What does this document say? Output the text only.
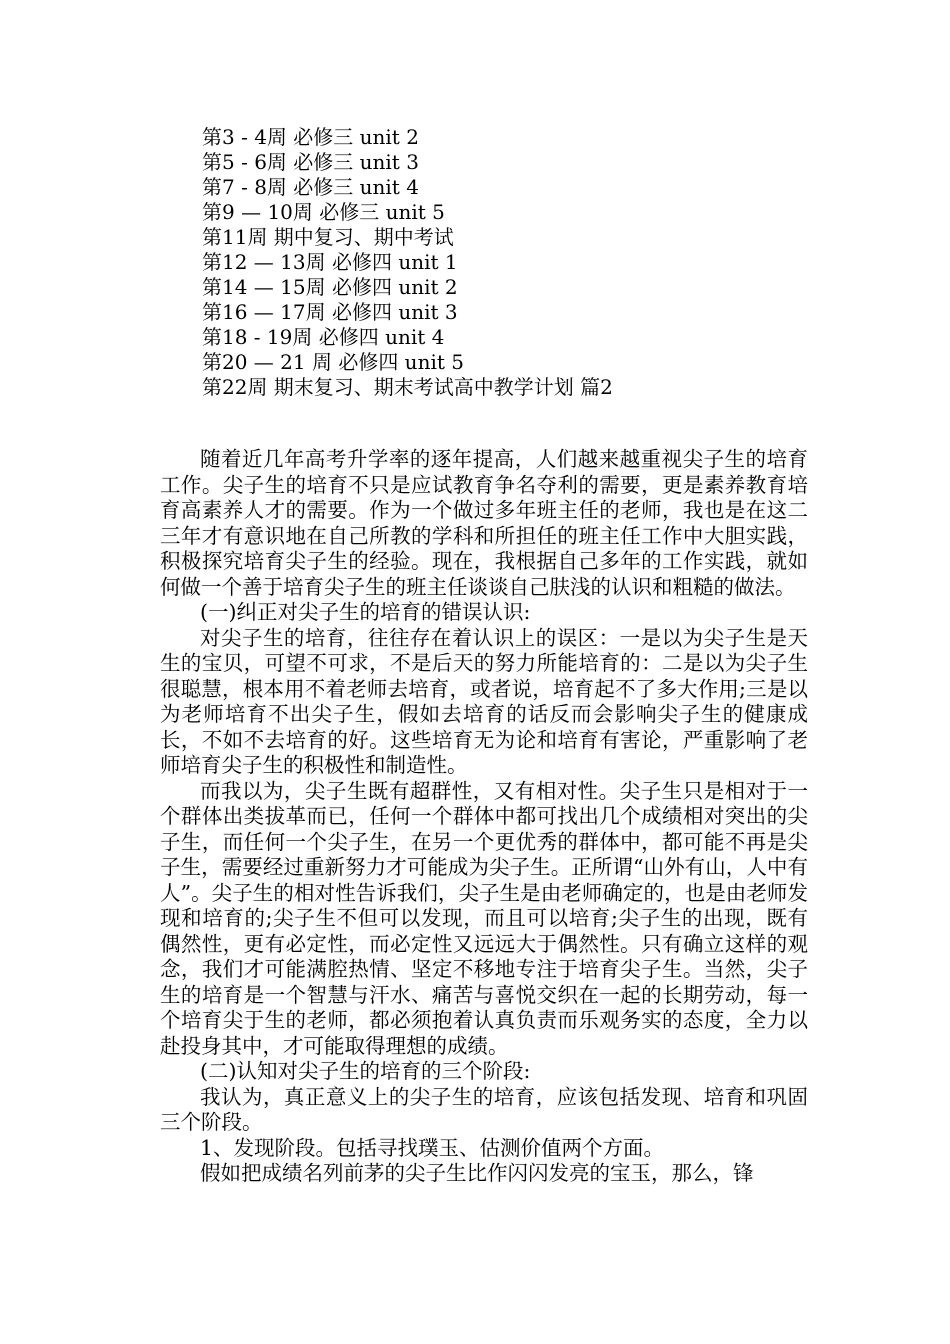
第3 - 4周 必修三 unit 2
第5 - 6周 必修三 unit 3
第7 - 8周 必修三 unit 4
第9 — 10周 必修三 unit 5
第11周 期中复习、期中考试
第12 — 13周 必修四 unit 1
第14 — 15周 必修四 unit 2
第16 — 17周 必修四 unit 3
第18 - 19周 必修四 unit 4
第20 — 21 周 必修四 unit 5
第22周 期末复习、期末考试高中教学计划 篇2

随着近几年高考升学率的逐年提高，人们越来越重视尖子生的培育工作。尖子生的培育不只是应试教育争名夺利的需要，更是素养教育培育高素养人才的需要。作为一个做过多年班主任的老师，我也是在这二三年才有意识地在自己所教的学科和所担任的班主任工作中大胆实践，积极探究培育尖子生的经验。现在，我根据自己多年的工作实践，就如何做一个善于培育尖子生的班主任谈谈自己肤浅的认识和粗糙的做法。

(一)纠正对尖子生的培育的错误认识:

对尖子生的培育，往往存在着认识上的误区：一是以为尖子生是天生的宝贝，可望不可求，不是后天的努力所能培育的：二是以为尖子生很聪慧，根本用不着老师去培育，或者说，培育起不了多大作用;三是以为老师培育不出尖子生，假如去培育的话反而会影响尖子生的健康成长，不如不去培育的好。这些培育无为论和培育有害论，严重影响了老师培育尖子生的积极性和制造性。

而我以为，尖子生既有超群性，又有相对性。尖子生只是相对于一个群体出类拔革而已，任何一个群体中都可找出几个成绩相对突出的尖子生，而任何一个尖子生，在另一个更优秀的群体中，都可能不再是尖子生，需要经过重新努力才可能成为尖子生。正所谓“山外有山，人中有人”。尖子生的相对性告诉我们，尖子生是由老师确定的，也是由老师发现和培育的;尖子生不但可以发现，而且可以培育;尖子生的出现，既有偶然性，更有必定性，而必定性又远远大于偶然性。只有确立这样的观念，我们才可能满腔热情、坚定不移地专注于培育尖子生。当然，尖子生的培育是一个智慧与汗水、痛苦与喜悦交织在一起的长期劳动，每一个培育尖于生的老师，都必须抱着认真负责而乐观务实的态度，全力以赴投身其中，才可能取得理想的成绩。

(二)认知对尖子生的培育的三个阶段:

我认为，真正意义上的尖子生的培育，应该包括发现、培育和巩固三个阶段。

1、发现阶段。包括寻找璞玉、估测价值两个方面。

假如把成绩名列前茅的尖子生比作闪闪发亮的宝玉，那么，锋
